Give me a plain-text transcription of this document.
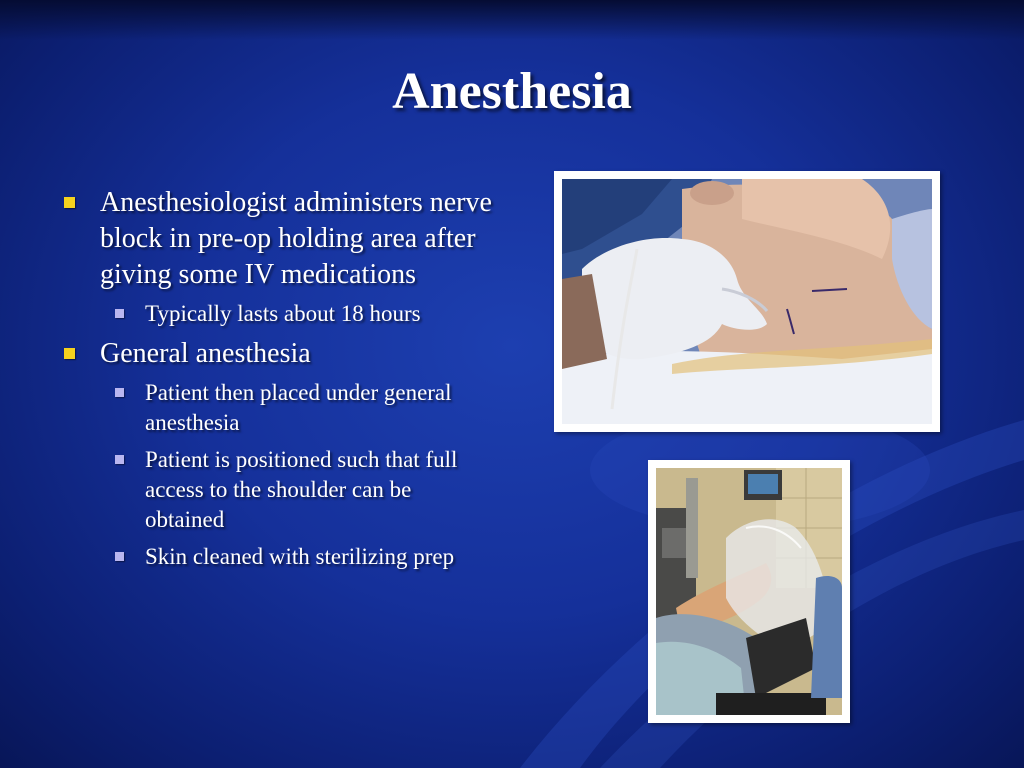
Anesthesia
Anesthesiologist administers nerve block in pre-op holding area after giving some IV medications
Typically lasts about 18 hours
General anesthesia
Patient then placed under general anesthesia
Patient is positioned such that full access to the shoulder can be obtained
Skin cleaned with sterilizing prep
